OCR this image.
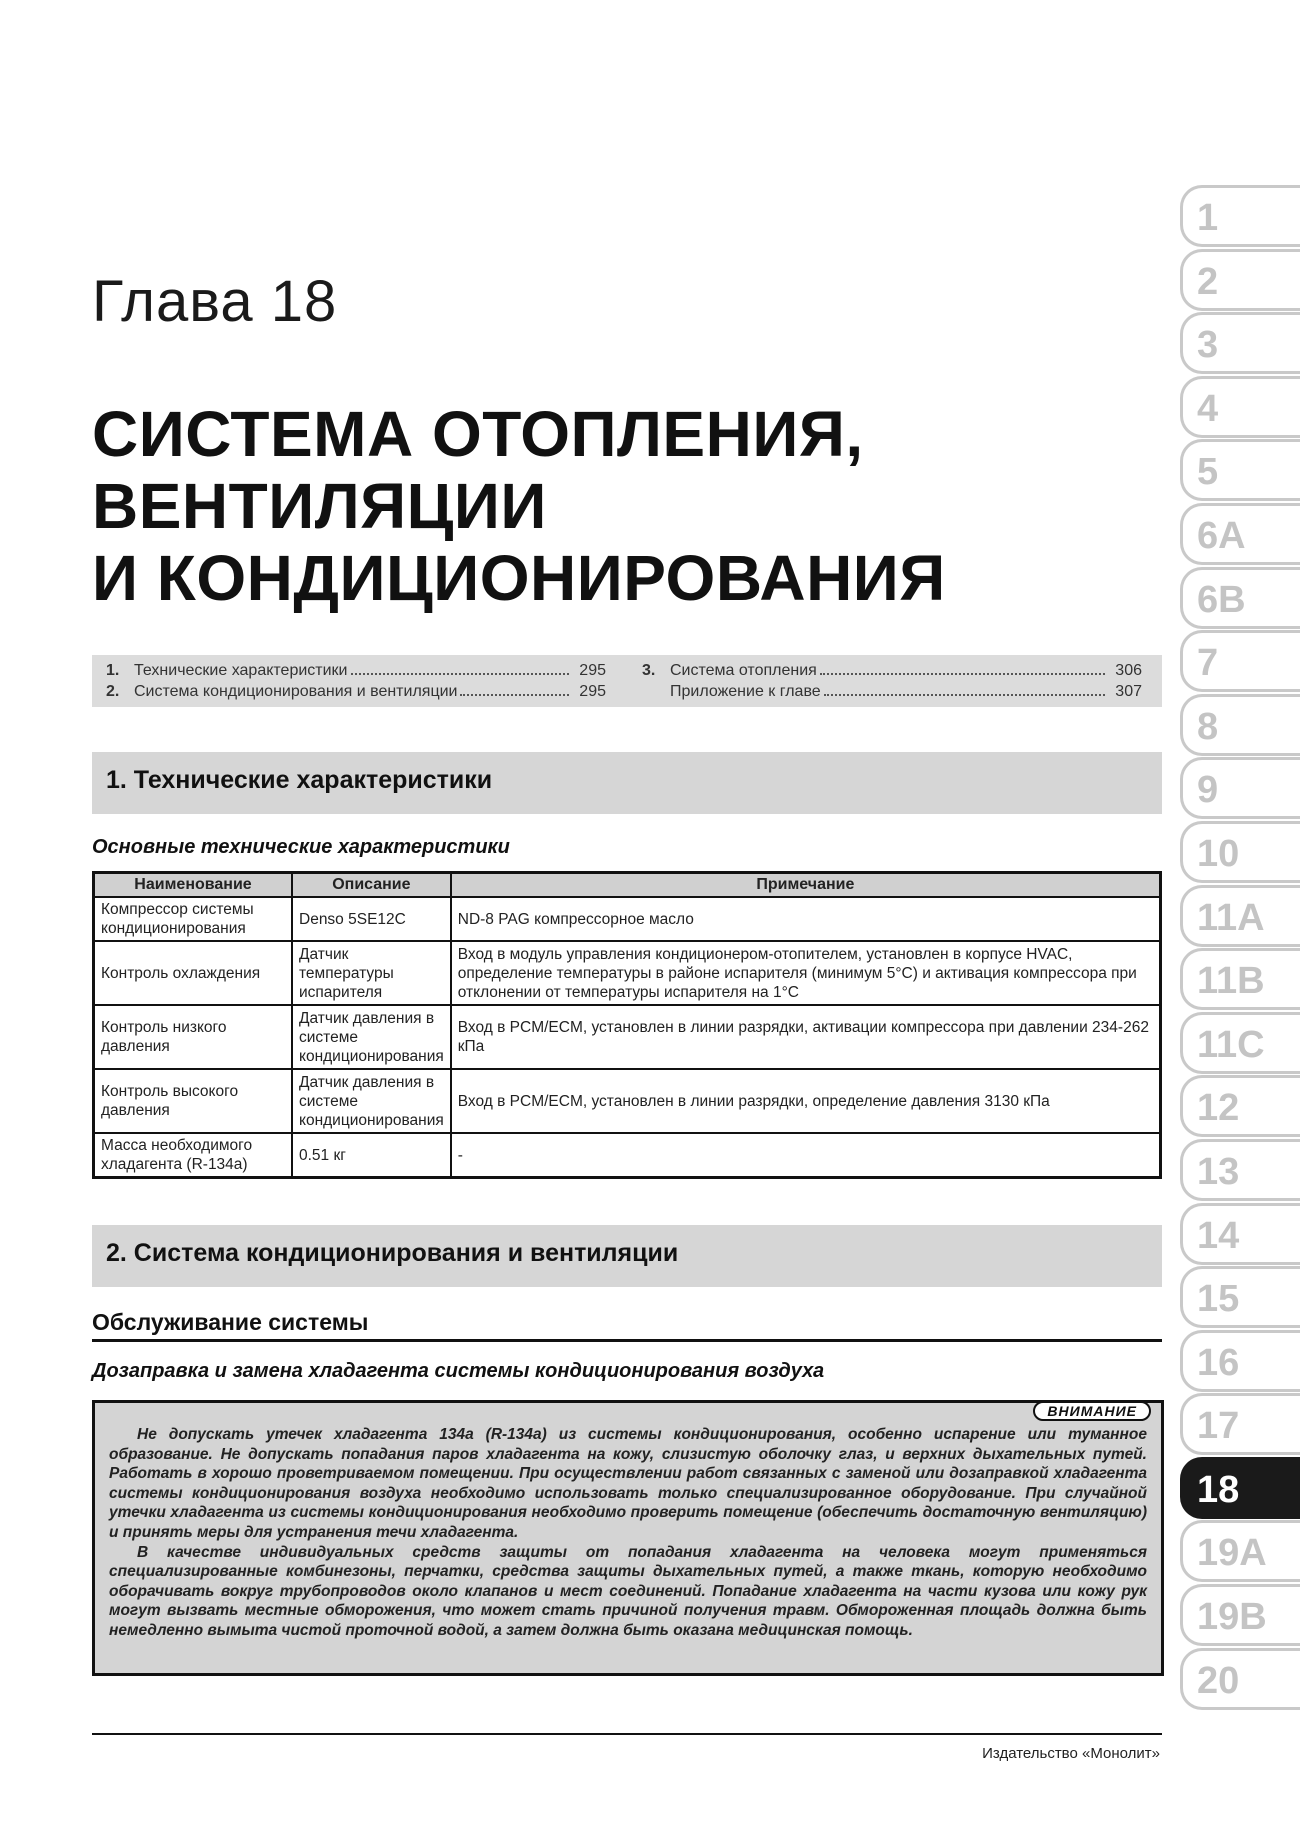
Глава 18
СИСТЕМА ОТОПЛЕНИЯ,
ВЕНТИЛЯЦИИ
И КОНДИЦИОНИРОВАНИЯ
1. Технические характеристики	295
2. Система кондиционирования и вентиляции	295
3. Система отопления	306
Приложение к главе	307
1. Технические характеристики
Основные технические характеристики
Наименование	Описание	Примечание
Компрессор системы кондиционирования	Denso 5SE12C	ND-8 PAG компрессорное масло
Контроль охлаждения	Датчик температуры испарителя	Вход в модуль управления кондиционером-отопителем, установлен в корпусе HVAC, определение температуры в районе испарителя (минимум 5°С) и активация компрессора при отклонении от температуры испарителя на 1°С
Контроль низкого давления	Датчик давления в системе кондиционирования	Вход в PCM/ECM, установлен в линии разрядки, активации компрессора при давлении 234-262 кПа
Контроль высокого давления	Датчик давления в системе кондиционирования	Вход в PCM/ECM, установлен в линии разрядки, определение давления 3130 кПа
Масса необходимого хладагента (R-134a)	0.51 кг	-
2. Система кондиционирования и вентиляции
Обслуживание системы
Дозаправка и замена хладагента системы кондиционирования воздуха
ВНИМАНИЕ

Не допускать утечек хладагента 134а (R-134a) из системы кондиционирования, особенно испарение или туманное образование. Не допускать попадания паров хладагента на кожу, слизистую оболочку глаз, и верхних дыхательных путей. Работать в хорошо проветриваемом помещении. При осуществлении работ связанных с заменой или дозаправкой хладагента системы кондиционирования воздуха необходимо использовать только специализированное оборудование. При случайной утечки хладагента из системы кондиционирования необходимо проверить помещение (обеспечить достаточную вентиляцию) и принять меры для устранения течи хладагента.

В качестве индивидуальных средств защиты от попадания хладагента на человека могут применяться специализированные комбинезоны, перчатки, средства защиты дыхательных путей, а также ткань, которую необходимо оборачивать вокруг трубопроводов около клапанов и мест соединений. Попадание хладагента на части кузова или кожу рук могут вызвать местные обморожения, что может стать причиной получения травм. Обмороженная площадь должна быть немедленно вымыта чистой проточной водой, а затем должна быть оказана медицинская помощь.

Издательство «Монолит»
1
2
3
4
5
6A
6B
7
8
9
10
11A
11B
11C
12
13
14
15
16
17
18
19A
19B
20
